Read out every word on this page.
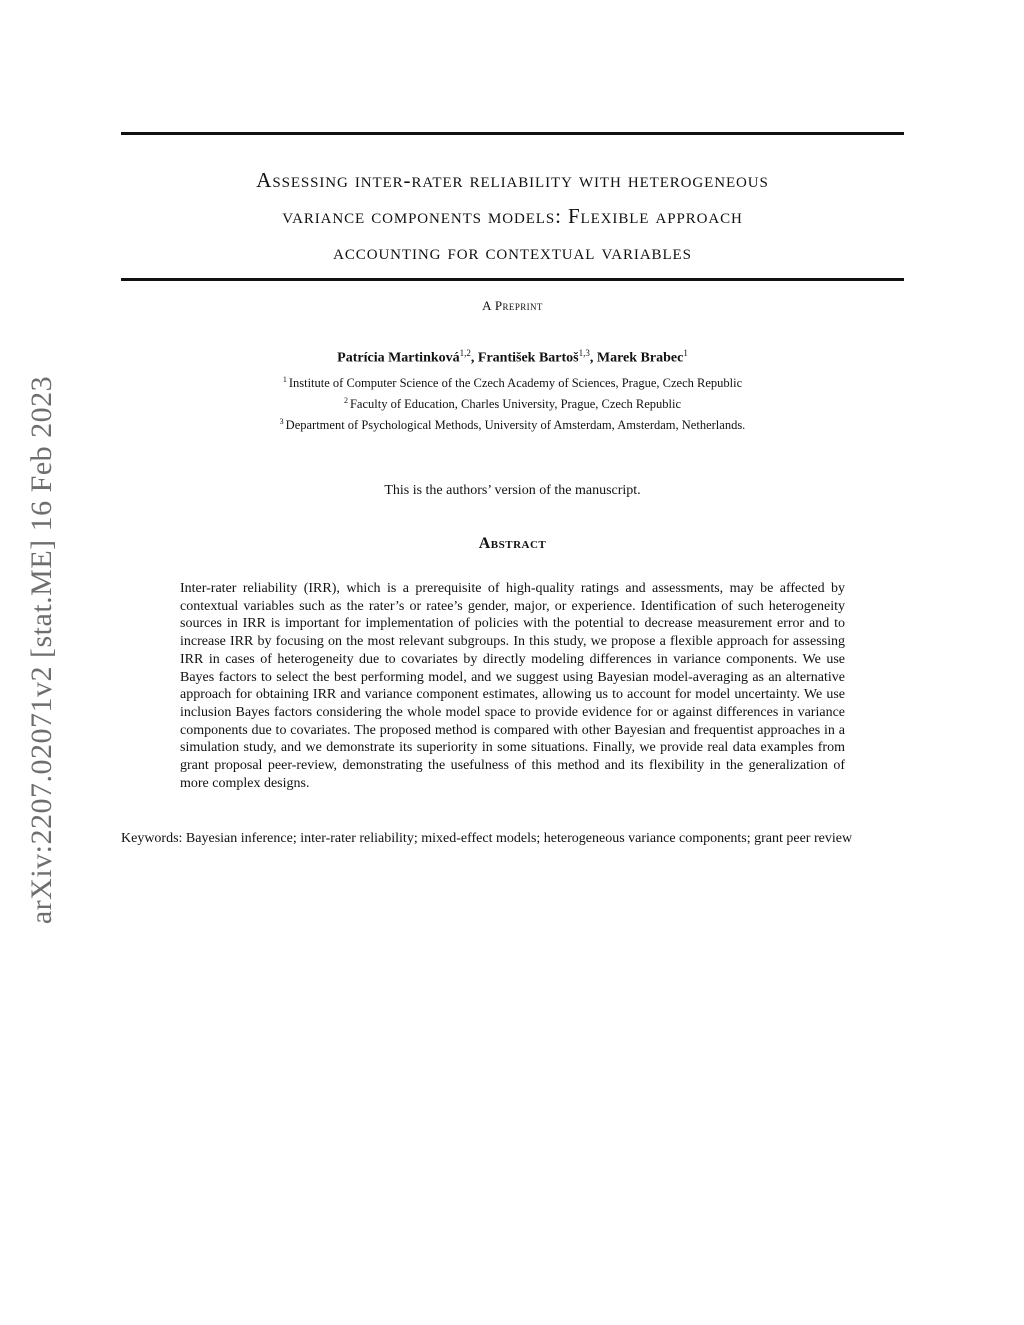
Assessing inter-rater reliability with heterogeneous
variance components models: Flexible approach
accounting for contextual variables
A Preprint
Patrícia Martinková$^{1,2}$, František Bartoš$^{1,3}$, Marek Brabec$^1$
$^1$ Institute of Computer Science of the Czech Academy of Sciences, Prague, Czech Republic
$^2$ Faculty of Education, Charles University, Prague, Czech Republic
$^3$ Department of Psychological Methods, University of Amsterdam, Amsterdam, Netherlands.
This is the authors’ version of the manuscript.
Abstract

Inter-rater reliability (IRR), which is a prerequisite of high-quality ratings and assessments, may be affected by contextual variables such as the rater’s or ratee’s gender, major, or experience. Identification of such heterogeneity sources in IRR is important for implementation of policies with the potential to decrease measurement error and to increase IRR by focusing on the most relevant subgroups. In this study, we propose a flexible approach for assessing IRR in cases of heterogeneity due to covariates by directly modeling differences in variance components. We use Bayes factors to select the best performing model, and we suggest using Bayesian model-averaging as an alternative approach for obtaining IRR and variance component estimates, allowing us to account for model uncertainty. We use inclusion Bayes factors considering the whole model space to provide evidence for or against differences in variance components due to covariates. The proposed method is compared with other Bayesian and frequentist approaches in a simulation study, and we demonstrate its superiority in some situations. Finally, we provide real data examples from grant proposal peer-review, demonstrating the usefulness of this method and its flexibility in the generalization of more complex designs.

Keywords: Bayesian inference; inter-rater reliability; mixed-effect models; heterogeneous variance components; grant peer review
arXiv:2207.02071v2 [stat.ME] 16 Feb 2023
